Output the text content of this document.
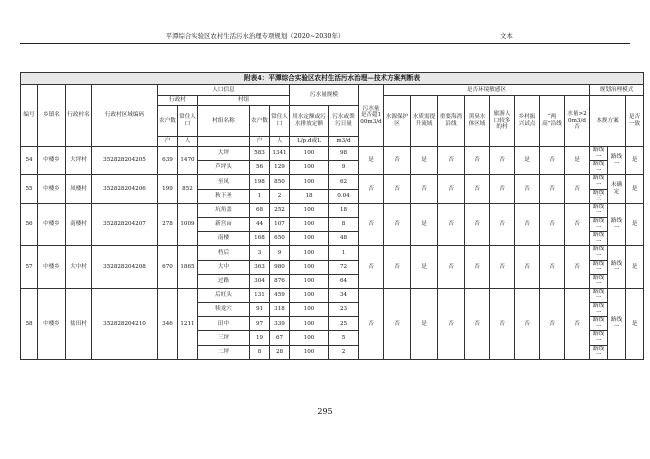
平潭综合实验区农村生活污水治理专项规划（2020~2030年）	文本
附表4：平潭综合实验区农村生活污水治理—技术方案判断表																						
编号	乡镇名	行政村名	行政村区域编码	人口信息					污水量规模		污水量是否超100m3/d	是否环境敏感区								规划治理模式		
				行政村		村组						水源保护区	水质需提升流域	重要海湾沿线	黑臭水体区域	旅游人口较多的村	乡村振兴试点	“两高”沿线	水量>20m3/d否	本规方案		是否一致
				农户数	常住人口	村组名称	农户数	常住人口	用水定额或污水排放定额	污水或粪污日量												
				户	人		户	人	L/p.d或L	m3/d												
54	中楼乡	大坪村	352828204205	639	1470	大坪	583	1341	100	98	是	否	是	否	否	否	是	否	是	路线一	路线一	是
						芦坪头	56	129	100	9										路线一		
55	中楼乡	凤楼村	352828204206	199	852	至凤	198	850	100	62	否	否	否	否	否	否	否	否	否	路线一	未确定	是
						秋下圣	1	2	18	0.04										路线三		
56	中楼乡	南楼村	352828204207	278	1009	坑角盖	68	252	100	18	否	否	是	否	否	否	否	否	否	路线一	路线一	是
						新宫亩	44	107	100	8										路线一		
						南楼	168	650	100	48										路线一		
57	中楼乡	大中村	352828204208	670	1865	档后	3	9	100	1	否	否	是	否	否	否	否	否	否	路线一	路线一	是
						大中	363	980	100	72										路线一		
						过路	304	876	100	64										路线一		
58	中楼乡	盐田村	352828204210	346	1211	后旺头	131	459	100	34	否	否	是	否	否	否	否	否	否	路线一	路线一	是
						犊龙穴	91	318	100	23										路线一		
						田中	97	339	100	25										路线一		
						三坪	19	67	100	5										路线一		
						二坪	8	28	100	2										路线一		
295
